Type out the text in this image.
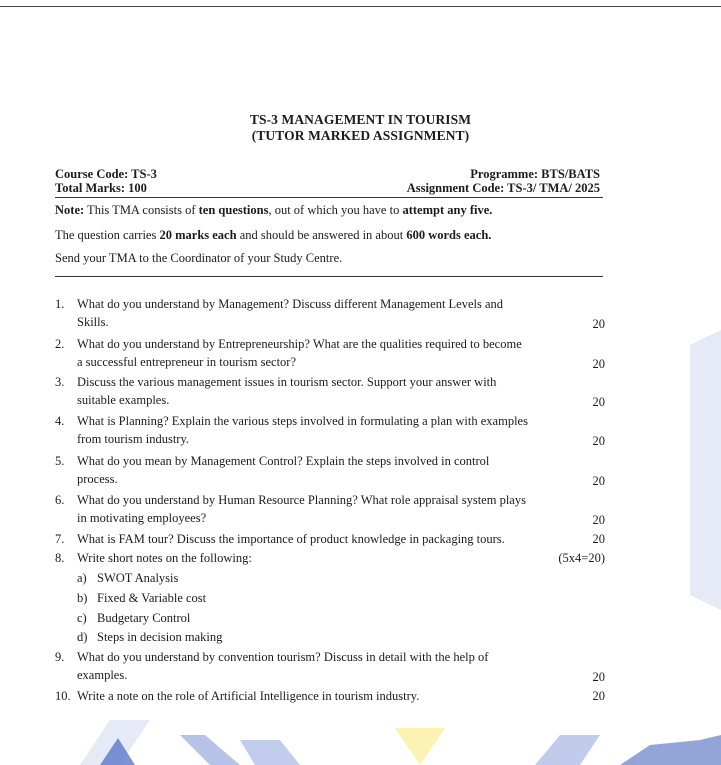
TS-3 MANAGEMENT IN TOURISM
(TUTOR MARKED ASSIGNMENT)
Course Code: TS-3	Programme: BTS/BATS
Total Marks: 100	Assignment Code: TS-3/ TMA/ 2025
Note: This TMA consists of ten questions, out of which you have to attempt any five.
The question carries 20 marks each and should be answered in about 600 words each.
Send your TMA to the Coordinator of your Study Centre.
1. What do you understand by Management? Discuss different Management Levels and
Skills.	20
2. What do you understand by Entrepreneurship? What are the qualities required to become
a successful entrepreneur in tourism sector?	20
3. Discuss the various management issues in tourism sector. Support your answer with
suitable examples.	20
4. What is Planning? Explain the various steps involved in formulating a plan with examples
from tourism industry.	20
5. What do you mean by Management Control? Explain the steps involved in control
process.	20
6. What do you understand by Human Resource Planning? What role appraisal system plays
in motivating employees?	20
7. What is FAM tour? Discuss the importance of product knowledge in packaging tours.	20
8. Write short notes on the following:	(5x4=20)
a) SWOT Analysis
b) Fixed & Variable cost
c) Budgetary Control
d) Steps in decision making
9. What do you understand by convention tourism? Discuss in detail with the help of
examples.	20
10. Write a note on the role of Artificial Intelligence in tourism industry.	20
